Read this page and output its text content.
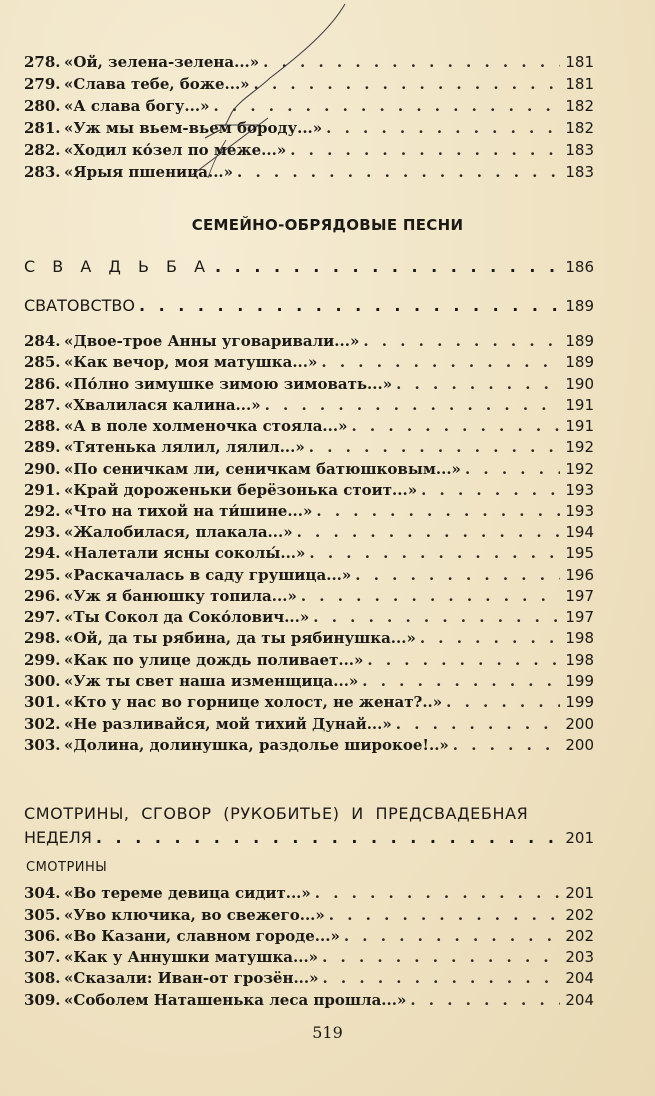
278. «Ой, зелена-зелена...» . . .	181
279. «Слава тебе, боже...» . . .	181
280. «А слава богу...» . . .	182
281. «Уж мы вьем-вьем бороду...» . . .	182
282. «Ходил ко́зел по меже...» . . .	183
283. «Ярыя пшеница...» . . .	183
СЕМЕЙНО-ОБРЯДОВЫЕ ПЕСНИ
С В А Д Ь Б А . . .	186
СВАТОВСТВО . . .	189
284. «Двое-трое Анны уговаривали...» . . .	189
285. «Как вечор, моя матушка...» . . .	189
286. «По́лно зимушке зимою зимовать...» . . .	190
287. «Хвалилася калина...» . . .	191
288. «А в поле холменочка стояла...» . . .	191
289. «Тятенька лялил, лялил...» . . .	192
290. «По сеничкам ли, сеничкам батюшковым...» . . .	192
291. «Край дороженьки берёзонька стоит...» . . .	193
292. «Что на тихой на ти́шине...» . . .	193
293. «Жалобилася, плакала...» . . .	194
294. «Налетали ясны соколы́...» . . .	195
295. «Раскачалась в саду грушица...» . . .	196
296. «Уж я банюшку топила...» . . .	197
297. «Ты Сокол да Соко́лович...» . . .	197
298. «Ой, да ты рябина, да ты рябинушка...» . . .	198
299. «Как по улице дождь поливает...» . . .	198
300. «Уж ты свет наша изменщица...» . . .	199
301. «Кто у нас во горнице холост, не женат?..» . . .	199
302. «Не разливайся, мой тихий Дунай...» . . .	200
303. «Долина, долинушка, раздолье широкое!..» . . .	200
СМОТРИНЫ, СГОВОР (РУКОБИТЬЕ) И ПРЕДСВАДЕБНАЯ
НЕДЕЛЯ . . .	201
СМОТРИНЫ
304. «Во тереме девица сидит...» . . .	201
305. «Уво ключика, во свежего...» . . .	202
306. «Во Казани, славном городе...» . . .	202
307. «Как у Аннушки матушка...» . . .	203
308. «Сказали: Иван-от грозён...» . . .	204
309. «Соболем Наташенька леса прошла...» . . .	204
519
